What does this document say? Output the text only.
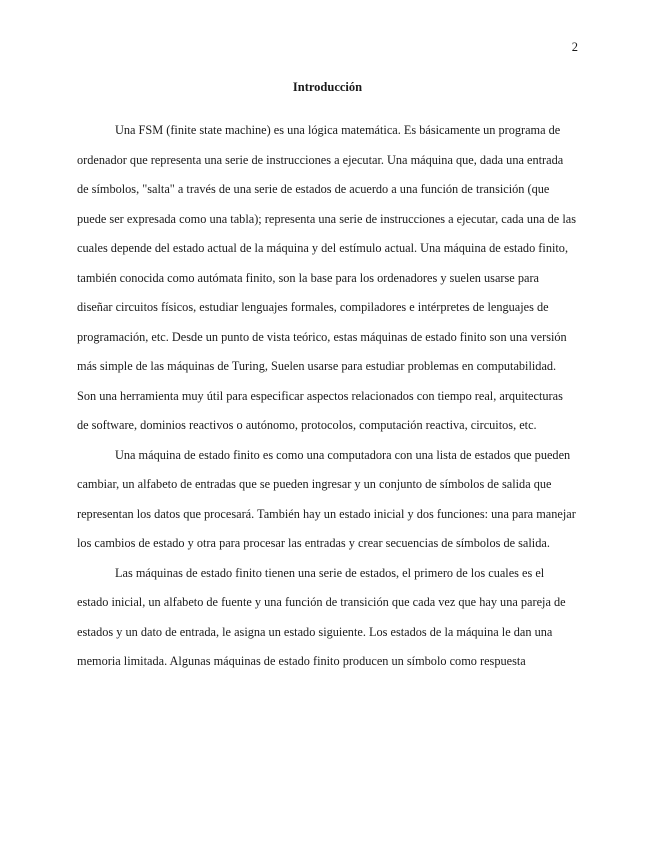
2
Introducción

Una FSM (finite state machine) es una lógica matemática. Es básicamente un programa de ordenador que representa una serie de instrucciones a ejecutar. Una máquina que, dada una entrada de símbolos, "salta" a través de una serie de estados de acuerdo a una función de transición (que puede ser expresada como una tabla); representa una serie de instrucciones a ejecutar, cada una de las cuales depende del estado actual de la máquina y del estímulo actual. Una máquina de estado finito, también conocida como autómata finito, son la base para los ordenadores y suelen usarse para diseñar circuitos físicos, estudiar lenguajes formales, compiladores e intérpretes de lenguajes de programación, etc. Desde un punto de vista teórico, estas máquinas de estado finito son una versión más simple de las máquinas de Turing, Suelen usarse para estudiar problemas en computabilidad. Son una herramienta muy útil para especificar aspectos relacionados con tiempo real, arquitecturas de software, dominios reactivos o autónomo, protocolos, computación reactiva, circuitos, etc.

Una máquina de estado finito es como una computadora con una lista de estados que pueden cambiar, un alfabeto de entradas que se pueden ingresar y un conjunto de símbolos de salida que representan los datos que procesará. También hay un estado inicial y dos funciones: una para manejar los cambios de estado y otra para procesar las entradas y crear secuencias de símbolos de salida.

Las máquinas de estado finito tienen una serie de estados, el primero de los cuales es el estado inicial, un alfabeto de fuente y una función de transición que cada vez que hay una pareja de estados y un dato de entrada, le asigna un estado siguiente. Los estados de la máquina le dan una memoria limitada. Algunas máquinas de estado finito producen un símbolo como respuesta
